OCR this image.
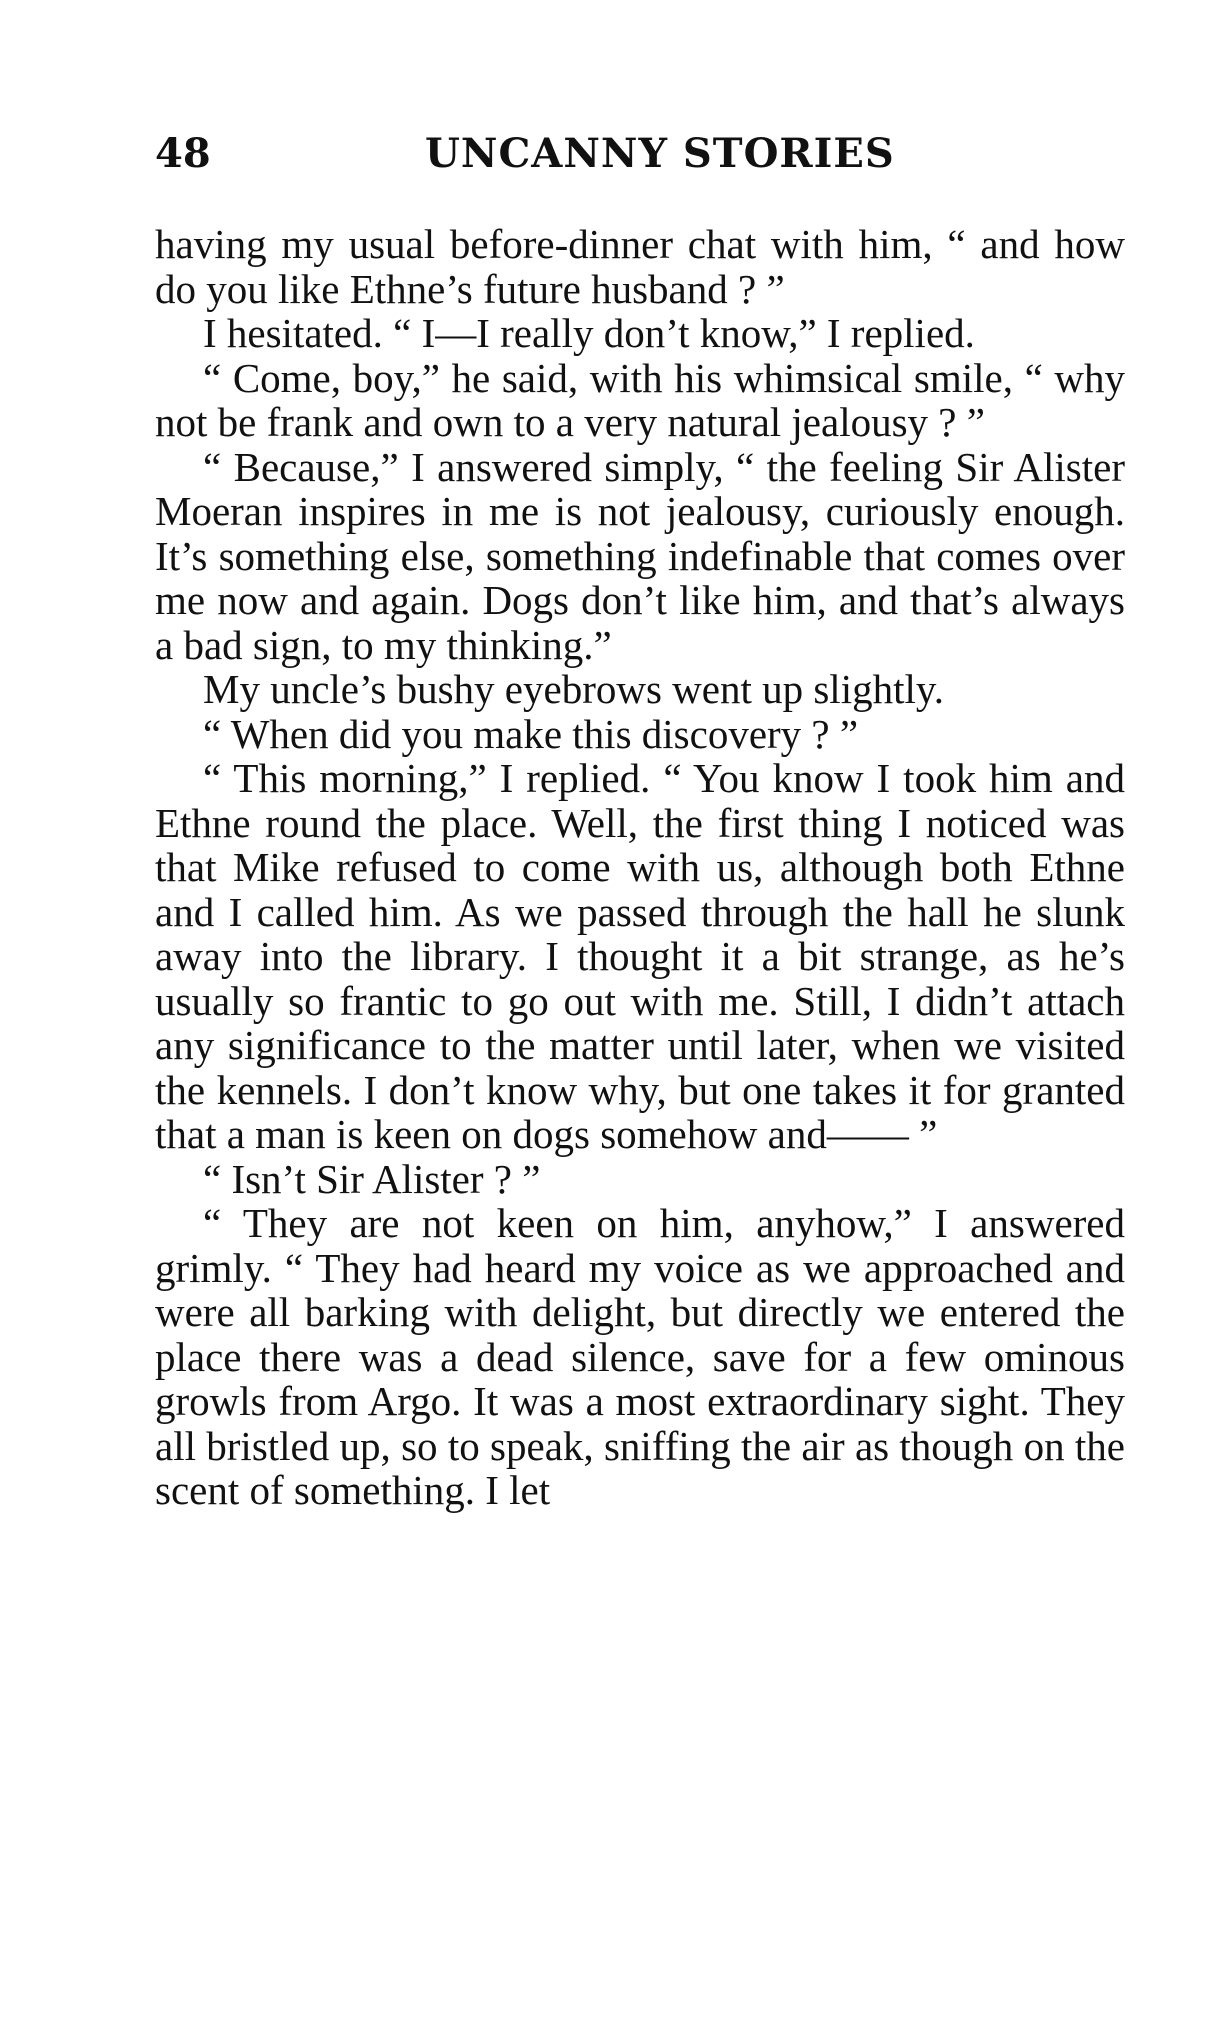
48	UNCANNY STORIES

having my usual before-dinner chat with him, “ and how do you like Ethne’s future husband ? ”

I hesitated. “ I—I really don’t know,” I replied.

“ Come, boy,” he said, with his whimsical smile, “ why not be frank and own to a very natural jealousy ? ”

“ Because,” I answered simply, “ the feeling Sir Alister Moeran inspires in me is not jealousy, curiously enough. It’s something else, something indefinable that comes over me now and again. Dogs don’t like him, and that’s always a bad sign, to my thinking.”

My uncle’s bushy eyebrows went up slightly.

“ When did you make this discovery ? ”

“ This morning,” I replied. “ You know I took him and Ethne round the place. Well, the first thing I noticed was that Mike refused to come with us, although both Ethne and I called him. As we passed through the hall he slunk away into the library. I thought it a bit strange, as he’s usually so frantic to go out with me. Still, I didn’t attach any significance to the matter until later, when we visited the kennels. I don’t know why, but one takes it for granted that a man is keen on dogs somehow and—— ”

“ Isn’t Sir Alister ? ”

“ They are not keen on him, anyhow,” I answered grimly. “ They had heard my voice as we approached and were all barking with delight, but directly we entered the place there was a dead silence, save for a few ominous growls from Argo. It was a most extraordinary sight. They all bristled up, so to speak, sniffing the air as though on the scent of something. I let
